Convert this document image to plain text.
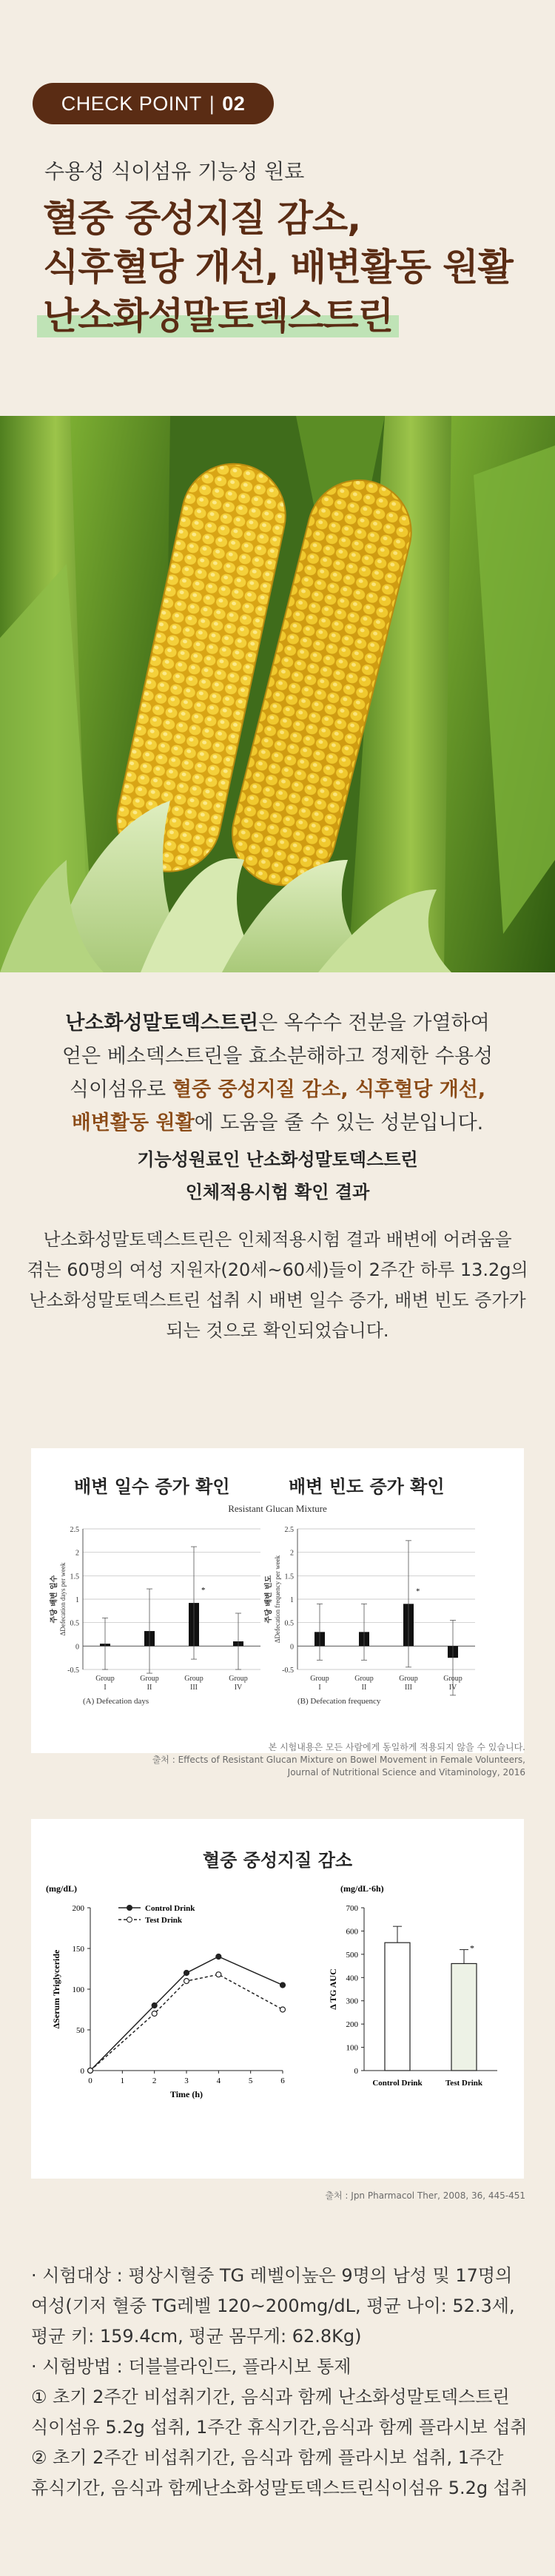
CHECK POINT | 02
수용성 식이섬유 기능성 원료
혈중 중성지질 감소,
식후혈당 개선, 배변활동 원활
난소화성말토덱스트린

난소화성말토덱스트린은 옥수수 전분을 가열하여

얻은 베소덱스트린을 효소분해하고 정제한 수용성

식이섬유로 혈중 중성지질 감소, 식후혈당 개선,

배변활동 원활에 도움을 줄 수 있는 성분입니다.

기능성원료인 난소화성말토덱스트린

인체적용시험 확인 결과

난소화성말토덱스트린은 인체적용시험 결과 배변에 어려움을

겪는 60명의 여성 지원자(20세~60세)들이 2주간 하루 13.2g의

난소화성말토덱스트린 섭취 시 배변 일수 증가, 배변 빈도 증가가

되는 것으로 확인되었습니다.

배변 일수 증가 확인	배변 빈도 증가 확인
Resistant Glucan Mixture
주당 배변 일수 ΔDefecation days per week
-0.5
0
0.5
1
1.5
2
2.5
Group
I
Group
II
Group
III
Group
IV
*
(A) Defecation days
주당 배변 빈도 ΔDefecation frequency per week
-0.5
0
0.5
1
1.5
2
2.5
Group
I
Group
II
Group
III
Group
IV
*
(B) Defecation frequency

본 시험내용은 모든 사람에게 동일하게 적용되지 않을 수 있습니다.

출처 : Effects of Resistant Glucan Mixture on Bowel Movement in Female Volunteers,

Journal of Nutritional Science and Vitaminology, 2016

혈중 중성지질 감소
(mg/dL)
0
50
100
150
200
0	1	2	3	4	5	6
Time (h)
ΔSerum Triglyceride
Control Drink
Test Drink
(mg/dL·6h)
0
100
200
300
400
500
600
700
Δ TG AUC
Control Drink	Test Drink
*
출처 : Jpn Pharmacol Ther, 2008, 36, 445-451

· 시험대상 : 평상시혈중 TG 레벨이높은 9명의 남성 및 17명의

여성(기저 혈중 TG레벨 120~200mg/dL, 평균 나이: 52.3세,

평균 키: 159.4cm, 평균 몸무게: 62.8Kg)

· 시험방법 : 더블블라인드, 플라시보 통제

① 초기 2주간 비섭취기간, 음식과 함께 난소화성말토덱스트린

식이섬유 5.2g 섭취, 1주간 휴식기간,음식과 함께 플라시보 섭취

② 초기 2주간 비섭취기간, 음식과 함께 플라시보 섭취, 1주간

휴식기간, 음식과 함께난소화성말토덱스트린식이섬유 5.2g 섭취
